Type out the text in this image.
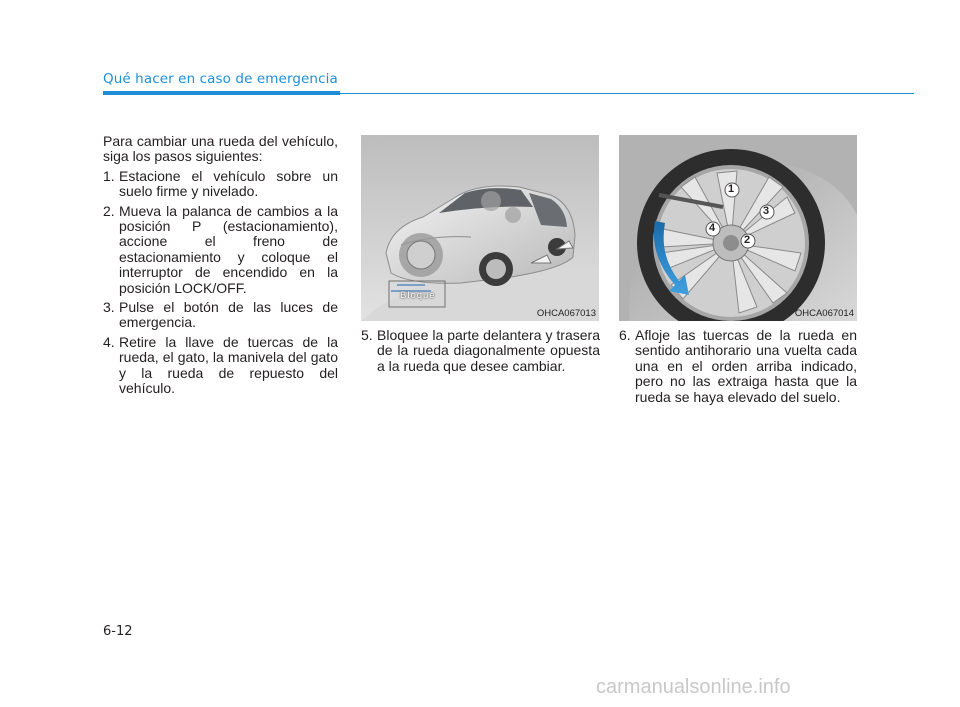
Qué hacer en caso de emergencia

Para cambiar una rueda del vehículo, siga los pasos siguientes:

1. Estacione el vehículo sobre un suelo firme y nivelado.
2. Mueva la palanca de cambios a la posición P (estacionamiento), accione el freno de estacionamiento y coloque el interruptor de encendido en la posición LOCK/OFF.
3. Pulse el botón de las luces de emergencia.
4. Retire la llave de tuercas de la rueda, el gato, la manivela del gato y la rueda de repuesto del vehículo.
Bloque
OHCA067013
1
3
2
4
OHCA067014
5. Bloquee la parte delantera y trasera de la rueda diagonalmente opuesta a la rueda que desee cambiar.
6. Afloje las tuercas de la rueda en sentido antihorario una vuelta cada una en el orden arriba indicado, pero no las extraiga hasta que la rueda se haya elevado del suelo.
6-12
carmanualsonline.info
